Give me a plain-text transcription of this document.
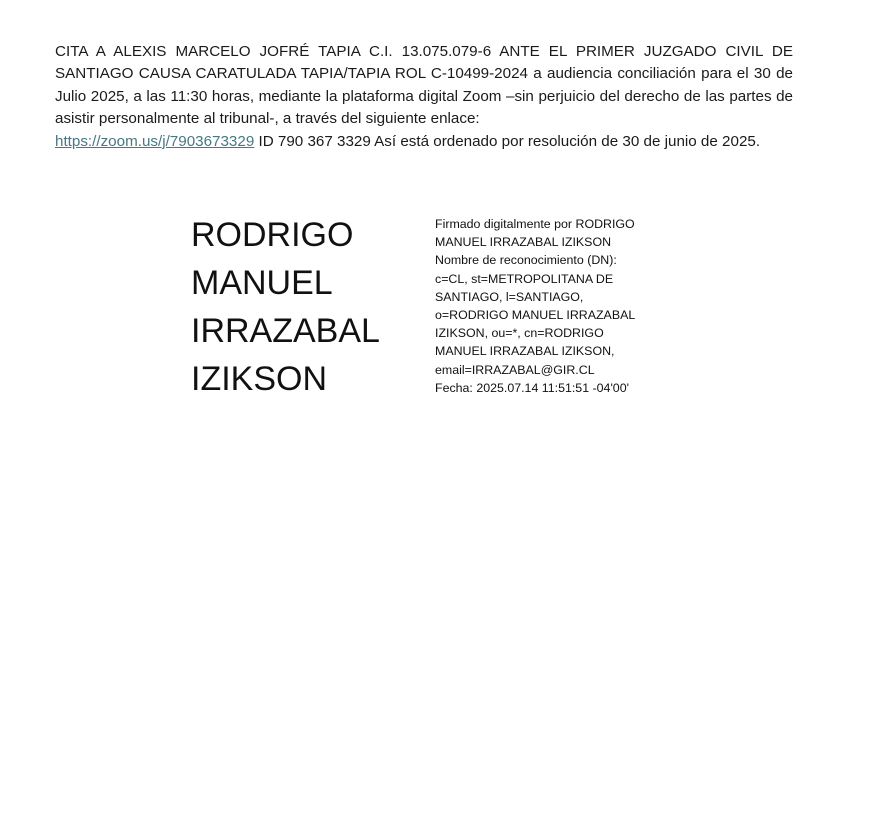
CITA A ALEXIS MARCELO JOFRÉ TAPIA C.I. 13.075.079-6 ANTE EL PRIMER JUZGADO CIVIL DE SANTIAGO CAUSA CARATULADA TAPIA/TAPIA ROL C-10499-2024 a audiencia conciliación para el 30 de Julio 2025, a las 11:30 horas, mediante la plataforma digital Zoom –sin perjuicio del derecho de las partes de asistir personalmente al tribunal-, a través del siguiente enlace:
https://zoom.us/j/7903673329 ID 790 367 3329 Así está ordenado por resolución de 30 de junio de 2025.

RODRIGO
MANUEL
IRRAZABAL
IZIKSON
Firmado digitalmente por RODRIGO
MANUEL IRRAZABAL IZIKSON
Nombre de reconocimiento (DN):
c=CL, st=METROPOLITANA DE
SANTIAGO, l=SANTIAGO,
o=RODRIGO MANUEL IRRAZABAL
IZIKSON, ou=*, cn=RODRIGO
MANUEL IRRAZABAL IZIKSON,
email=IRRAZABAL@GIR.CL
Fecha: 2025.07.14 11:51:51 -04'00'
